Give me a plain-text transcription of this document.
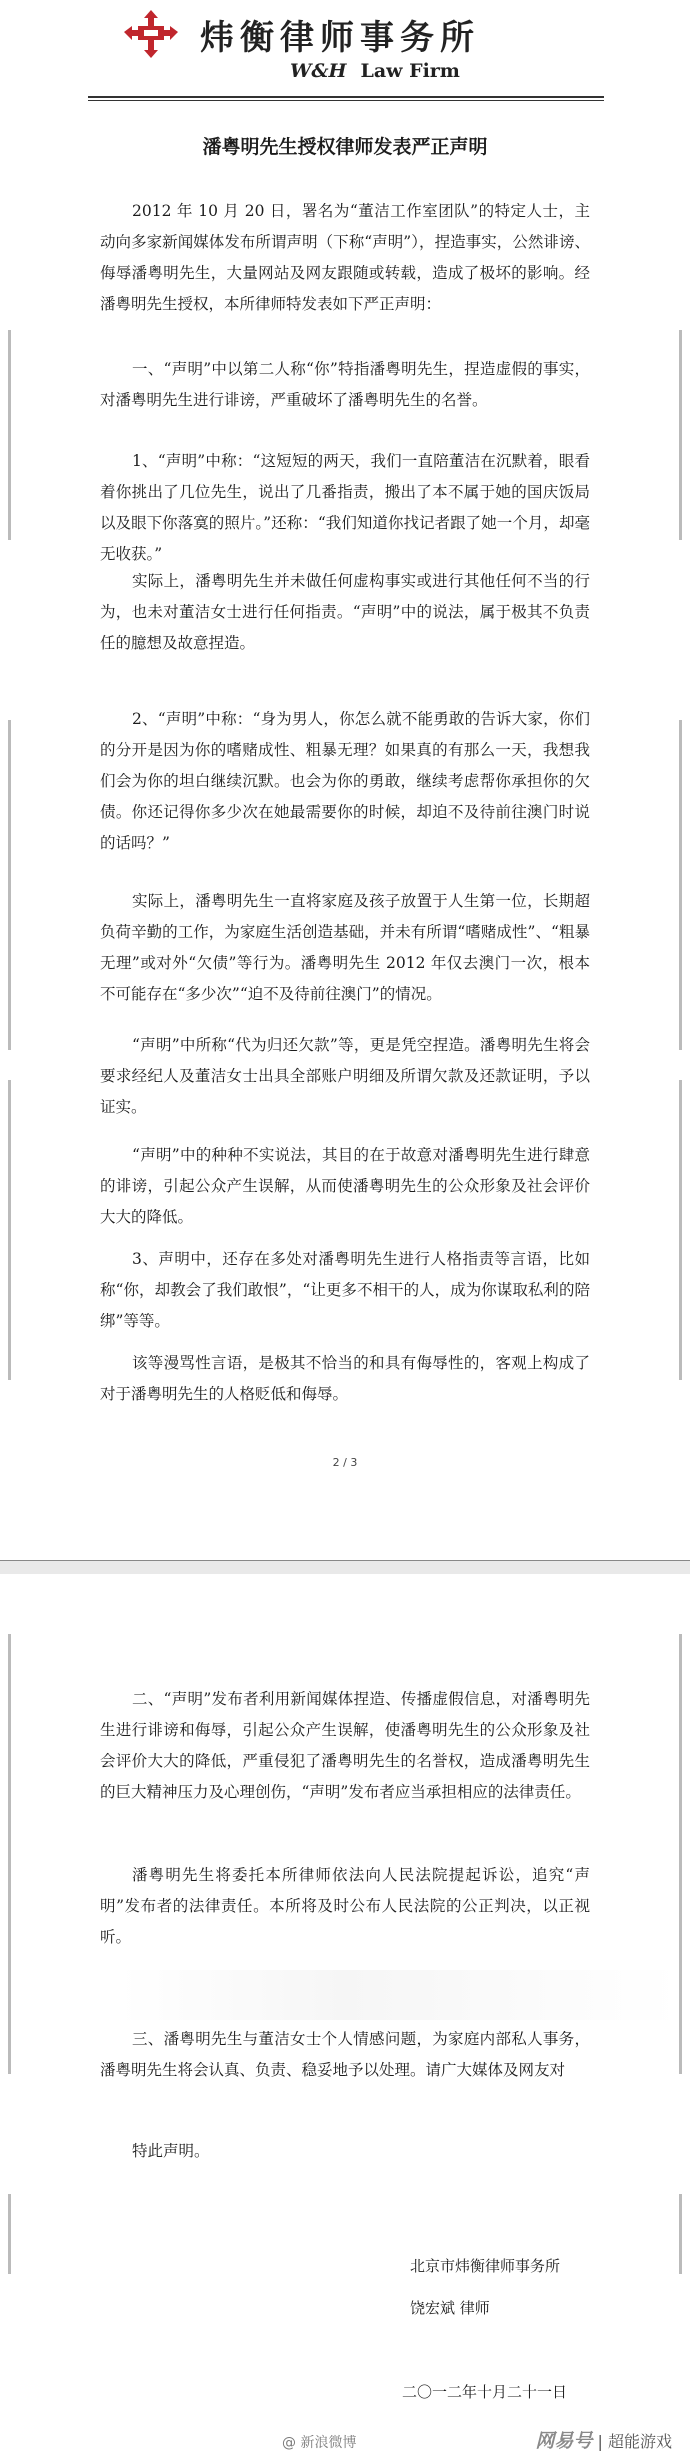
炜衡律师事务所
W&H Law Firm
潘粤明先生授权律师发表严正声明
2012 年 10 月 20 日，署名为“董洁工作室团队”的特定人士，主动向多家新闻媒体发布所谓声明（下称“声明”），捏造事实，公然诽谤、侮辱潘粤明先生，大量网站及网友跟随或转载，造成了极坏的影响。经潘粤明先生授权，本所律师特发表如下严正声明：
一、“声明”中以第二人称“你”特指潘粤明先生，捏造虚假的事实，对潘粤明先生进行诽谤，严重破坏了潘粤明先生的名誉。
1、“声明”中称：“这短短的两天，我们一直陪董洁在沉默着，眼看着你挑出了几位先生，说出了几番指责，搬出了本不属于她的国庆饭局以及眼下你落寞的照片。”还称：“我们知道你找记者跟了她一个月，却毫无收获。”
实际上，潘粤明先生并未做任何虚构事实或进行其他任何不当的行为，也未对董洁女士进行任何指责。“声明”中的说法，属于极其不负责任的臆想及故意捏造。
2、“声明”中称：“身为男人，你怎么就不能勇敢的告诉大家，你们的分开是因为你的嗜赌成性、粗暴无理？如果真的有那么一天，我想我们会为你的坦白继续沉默。也会为你的勇敢，继续考虑帮你承担你的欠债。你还记得你多少次在她最需要你的时候，却迫不及待前往澳门时说的话吗？”
实际上，潘粤明先生一直将家庭及孩子放置于人生第一位，长期超负荷辛勤的工作，为家庭生活创造基础，并未有所谓“嗜赌成性”、“粗暴无理”或对外“欠债”等行为。潘粤明先生 2012 年仅去澳门一次，根本不可能存在“多少次”“迫不及待前往澳门”的情况。
“声明”中所称“代为归还欠款”等，更是凭空捏造。潘粤明先生将会要求经纪人及董洁女士出具全部账户明细及所谓欠款及还款证明，予以证实。
“声明”中的种种不实说法，其目的在于故意对潘粤明先生进行肆意的诽谤，引起公众产生误解，从而使潘粤明先生的公众形象及社会评价大大的降低。
3、声明中，还存在多处对潘粤明先生进行人格指责等言语，比如称“你，却教会了我们敢恨”，“让更多不相干的人，成为你谋取私利的陪绑”等等。
该等漫骂性言语，是极其不恰当的和具有侮辱性的，客观上构成了对于潘粤明先生的人格贬低和侮辱。
2 / 3
二、“声明”发布者利用新闻媒体捏造、传播虚假信息，对潘粤明先生进行诽谤和侮辱，引起公众产生误解，使潘粤明先生的公众形象及社会评价大大的降低，严重侵犯了潘粤明先生的名誉权，造成潘粤明先生的巨大精神压力及心理创伤，“声明”发布者应当承担相应的法律责任。
潘粤明先生将委托本所律师依法向人民法院提起诉讼，追究“声明”发布者的法律责任。本所将及时公布人民法院的公正判决，以正视听。
三、潘粤明先生与董洁女士个人情感问题，为家庭内部私人事务，潘粤明先生将会认真、负责、稳妥地予以处理。请广大媒体及网友对
特此声明。
北京市炜衡律师事务所
饶宏斌 律师
二〇一二年十月二十一日
@ 新浪微博	网易号 | 超能游戏
